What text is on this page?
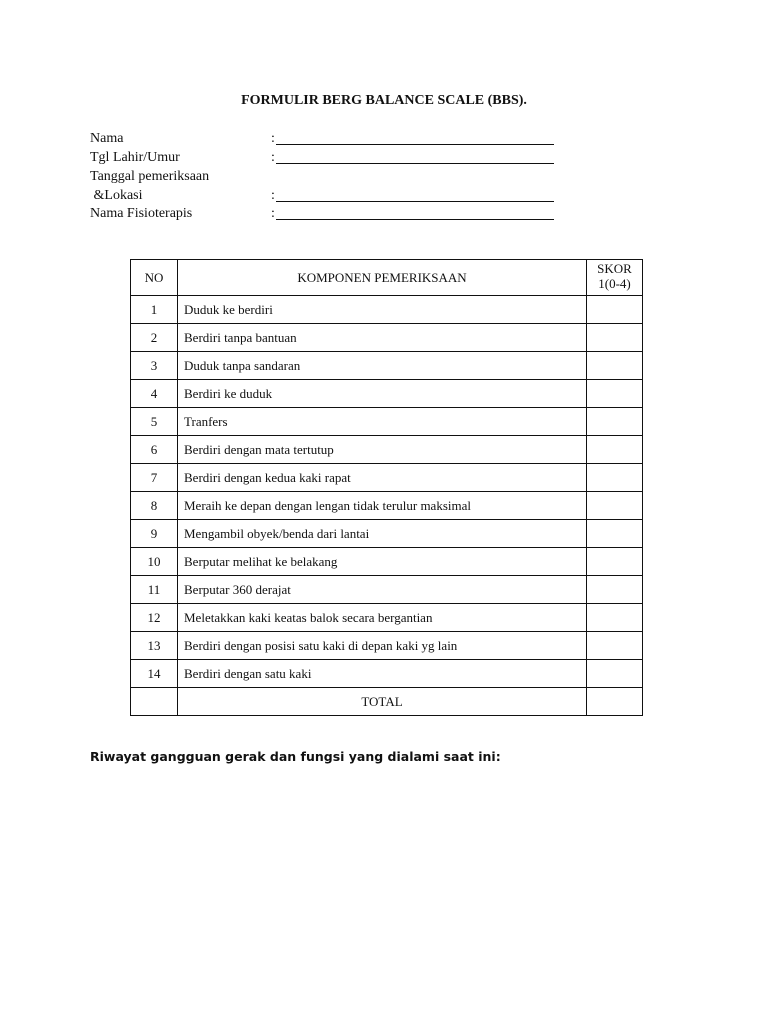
FORMULIR BERG BALANCE SCALE (BBS).
Nama	:
Tgl Lahir/Umur	:
Tanggal pemeriksaan
&Lokasi	:
Nama Fisioterapis	:
NO	KOMPONEN PEMERIKSAAN	SKOR
1(0-4)

1	Duduk ke berdiri	
2	Berdiri tanpa bantuan	
3	Duduk tanpa sandaran	
4	Berdiri ke duduk	
5	Tranfers	
6	Berdiri dengan mata tertutup	
7	Berdiri dengan kedua kaki rapat	
8	Meraih ke depan dengan lengan tidak terulur maksimal	
9	Mengambil obyek/benda dari lantai	
10	Berputar melihat ke belakang	
11	Berputar 360 derajat	
12	Meletakkan kaki keatas balok secara bergantian	
13	Berdiri dengan posisi satu kaki di depan kaki yg lain	
14	Berdiri dengan satu kaki	
	TOTAL	
Riwayat gangguan gerak dan fungsi yang dialami saat ini:
